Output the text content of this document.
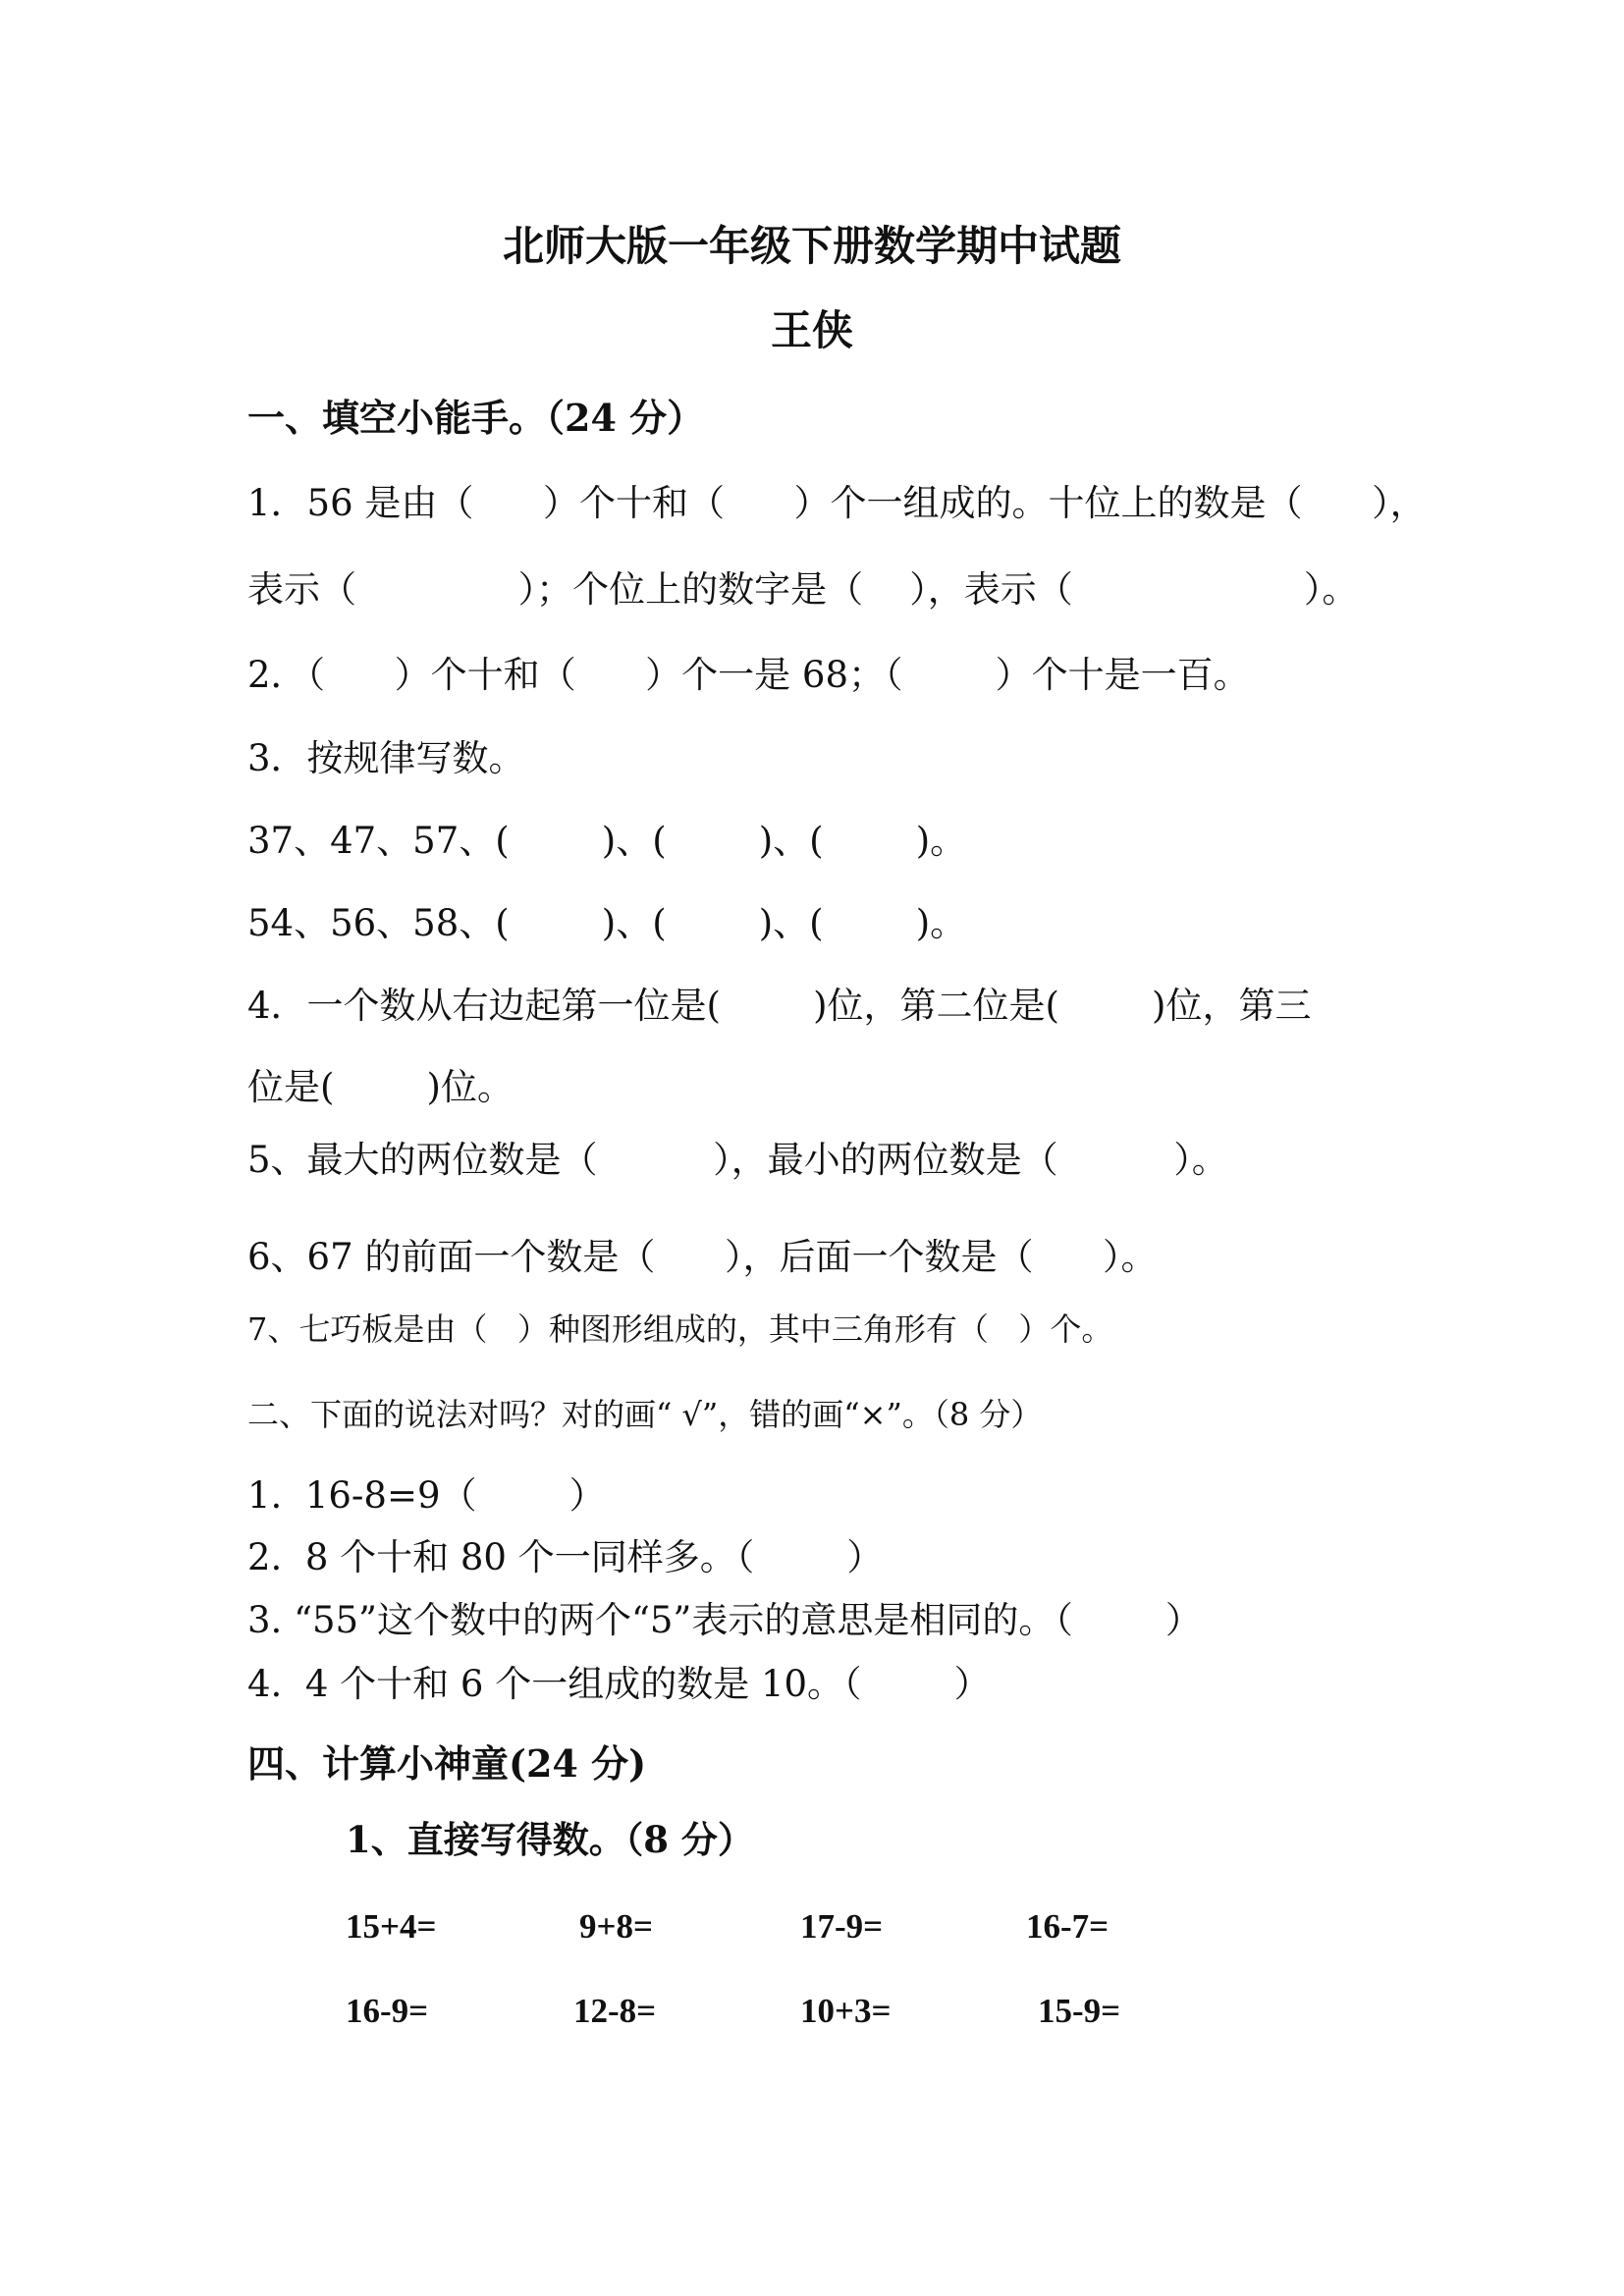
北师大版一年级下册数学期中试题
王侠
一、填空小能手。（24 分）
1．56 是由（      ）个十和（      ）个一组成的。十位上的数是（      ），
表示（              ）；个位上的数字是（    ），表示（                    ）。
2．（      ）个十和（      ）个一是 68；（        ）个十是一百。
3．按规律写数。
37、47、57、(        )、(        )、(        )。
54、56、58、(        )、(        )、(        )。
4．一个数从右边起第一位是(        )位，第二位是(        )位，第三
位是(        )位。
5、最大的两位数是（          ），最小的两位数是（          ）。
6、67 的前面一个数是（      ），后面一个数是（      ）。
7、七巧板是由（   ）种图形组成的，其中三角形有（   ）个。
二、下面的说法对吗？对的画“ √”，错的画“×”。（8 分）
1.  16-8=9（        ）
2.  8 个十和 80 个一同样多。（        ）
3. “55”这个数中的两个“5”表示的意思是相同的。（        ）
4.  4 个十和 6 个一组成的数是 10。（        ）
四、计算小神童(24 分)
1、直接写得数。（8 分）
15+4=	9+8=	17-9=	16-7=
16-9=	12-8=	10+3=	15-9=
